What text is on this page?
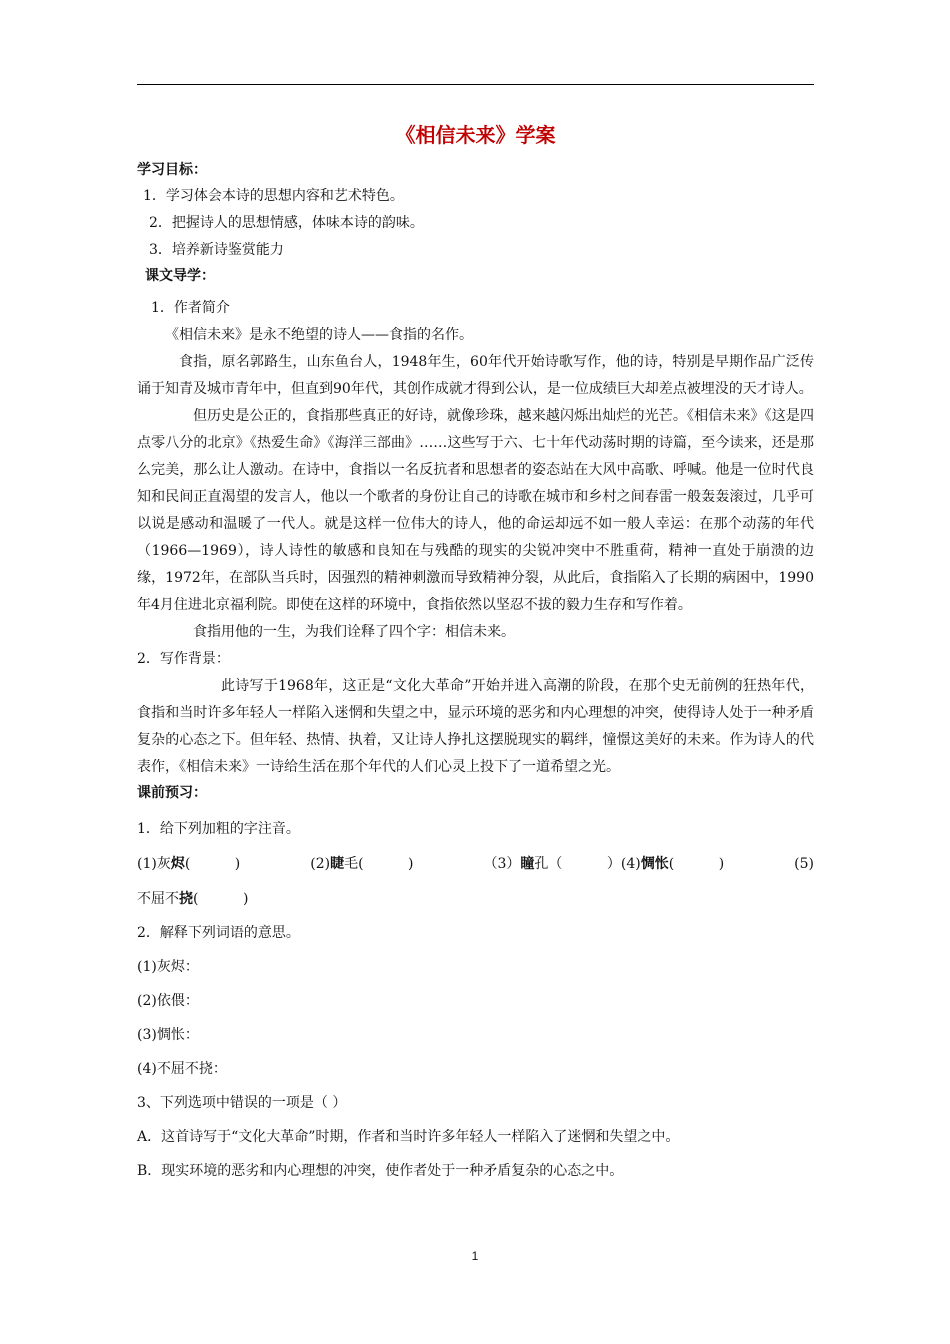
《相信未来》学案

学习目标：

1．学习体会本诗的思想内容和艺术特色。

2．把握诗人的思想情感，体味本诗的韵味。

3．培养新诗鉴赏能力

课文导学：

1．作者简介

《相信未来》是永不绝望的诗人——食指的名作。

食指，原名郭路生，山东鱼台人，1948年生，60年代开始诗歌写作，他的诗，特别是早期作品广泛传诵于知青及城市青年中，但直到90年代，其创作成就才得到公认，是一位成绩巨大却差点被埋没的天才诗人。

但历史是公正的，食指那些真正的好诗，就像珍珠，越来越闪烁出灿烂的光芒。《相信未来》《这是四点零八分的北京》《热爱生命》《海洋三部曲》……这些写于六、七十年代动荡时期的诗篇，至今读来，还是那么完美，那么让人激动。在诗中，食指以一名反抗者和思想者的姿态站在大风中高歌、呼喊。他是一位时代良知和民间正直渴望的发言人，他以一个歌者的身份让自己的诗歌在城市和乡村之间春雷一般轰轰滚过，几乎可以说是感动和温暖了一代人。就是这样一位伟大的诗人，他的命运却远不如一般人幸运：在那个动荡的年代（1966—1969），诗人诗性的敏感和良知在与残酷的现实的尖锐冲突中不胜重荷，精神一直处于崩溃的边缘，1972年，在部队当兵时，因强烈的精神刺激而导致精神分裂，从此后，食指陷入了长期的病困中，1990年4月住进北京福利院。即使在这样的环境中，食指依然以坚忍不拔的毅力生存和写作着。

食指用他的一生，为我们诠释了四个字：相信未来。

2．写作背景：

此诗写于1968年，这正是“文化大革命”开始并进入高潮的阶段，在那个史无前例的狂热年代，食指和当时许多年轻人一样陷入迷惘和失望之中，显示环境的恶劣和内心理想的冲突，使得诗人处于一种矛盾复杂的心态之下。但年轻、热情、执着，又让诗人挣扎这摆脱现实的羁绊，憧憬这美好的未来。作为诗人的代表作，《相信未来》一诗给生活在那个年代的人们心灵上投下了一道希望之光。

课前预习：

1．给下列加粗的字注音。

(1)灰烬(          )	(2)睫毛(          )	（3）瞳孔（          ）(4)惆怅(          )	(5)

不屈不挠(          )

2．解释下列词语的意思。

(1)灰烬：

(2)依偎：

(3)惆怅：

(4)不屈不挠：

3、下列选项中错误的一项是（ ）

A．这首诗写于“文化大革命”时期，作者和当时许多年轻人一样陷入了迷惘和失望之中。

B．现实环境的恶劣和内心理想的冲突，使作者处于一种矛盾复杂的心态之中。

1
